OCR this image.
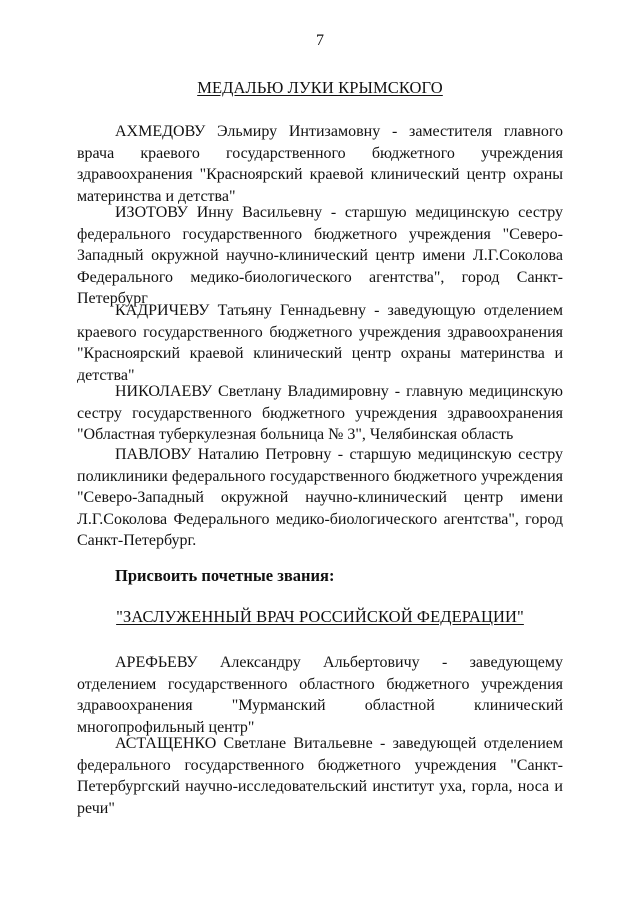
7
МЕДАЛЬЮ ЛУКИ КРЫМСКОГО

АХМЕДОВУ Эльмиру Интизамовну - заместителя главного врача краевого государственного бюджетного учреждения здравоохранения "Красноярский краевой клинический центр охраны материнства и детства"

ИЗОТОВУ Инну Васильевну - старшую медицинскую сестру федерального государственного бюджетного учреждения "Северо-Западный окружной научно-клинический центр имени Л.Г.Соколова Федерального медико-биологического агентства", город Санкт-Петербург

КАДРИЧЕВУ Татьяну Геннадьевну - заведующую отделением краевого государственного бюджетного учреждения здравоохранения "Красноярский краевой клинический центр охраны материнства и детства"

НИКОЛАЕВУ Светлану Владимировну - главную медицинскую сестру государственного бюджетного учреждения здравоохранения "Областная туберкулезная больница № 3", Челябинская область

ПАВЛОВУ Наталию Петровну - старшую медицинскую сестру поликлиники федерального государственного бюджетного учреждения "Северо-Западный окружной научно-клинический центр имени Л.Г.Соколова Федерального медико-биологического агентства", город Санкт-Петербург.

Присвоить почетные звания:
"ЗАСЛУЖЕННЫЙ ВРАЧ РОССИЙСКОЙ ФЕДЕРАЦИИ"

АРЕФЬЕВУ Александру Альбертовичу - заведующему отделением государственного областного бюджетного учреждения здравоохранения "Мурманский областной клинический многопрофильный центр"

АСТАЩЕНКО Светлане Витальевне - заведующей отделением федерального государственного бюджетного учреждения "Санкт-Петербургский научно-исследовательский институт уха, горла, носа и речи"
